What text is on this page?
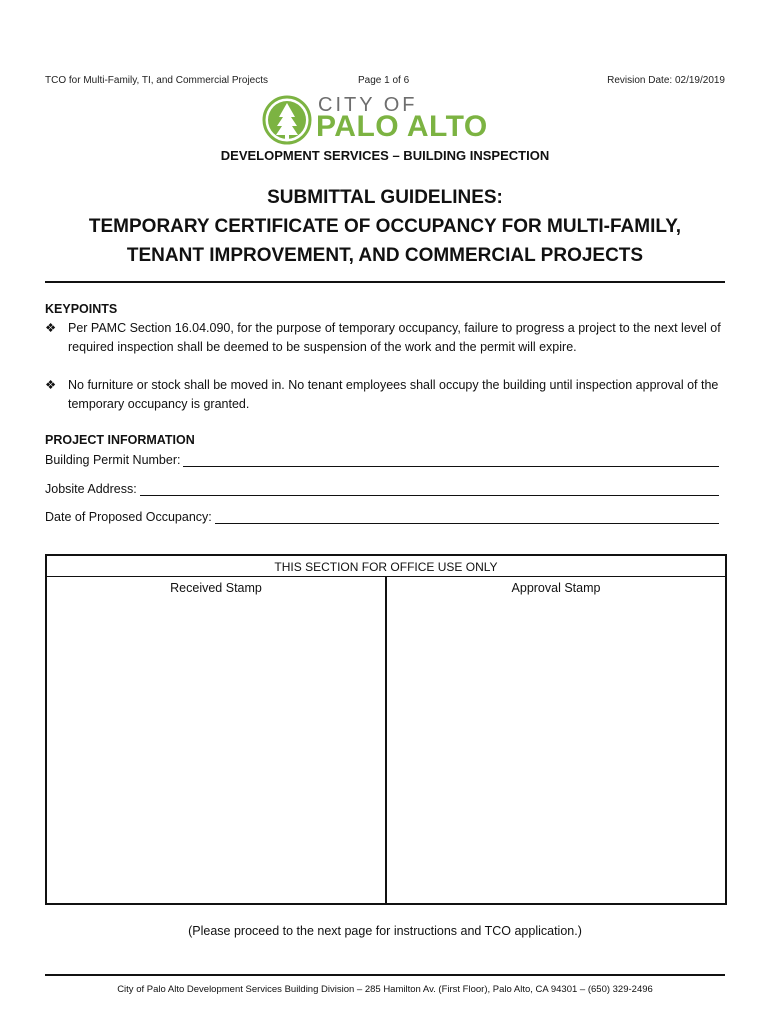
TCO for Multi-Family, TI, and Commercial Projects	Page 1 of 6	Revision Date: 02/19/2019
CITY OF
PALO ALTO
DEVELOPMENT SERVICES – BUILDING INSPECTION
SUBMITTAL GUIDELINES:
TEMPORARY CERTIFICATE OF OCCUPANCY FOR MULTI-FAMILY,
TENANT IMPROVEMENT, AND COMMERCIAL PROJECTS
KEYPOINTS
❖ Per PAMC Section 16.04.090, for the purpose of temporary occupancy, failure to progress a project to the next level of required inspection shall be deemed to be suspension of the work and the permit will expire.
❖ No furniture or stock shall be moved in. No tenant employees shall occupy the building until inspection approval of the temporary occupancy is granted.
PROJECT INFORMATION
Building Permit Number:
Jobsite Address:
Date of Proposed Occupancy:
THIS SECTION FOR OFFICE USE ONLY
Received Stamp	Approval Stamp
(Please proceed to the next page for instructions and TCO application.)
City of Palo Alto Development Services Building Division – 285 Hamilton Av. (First Floor), Palo Alto, CA 94301 – (650) 329-2496
